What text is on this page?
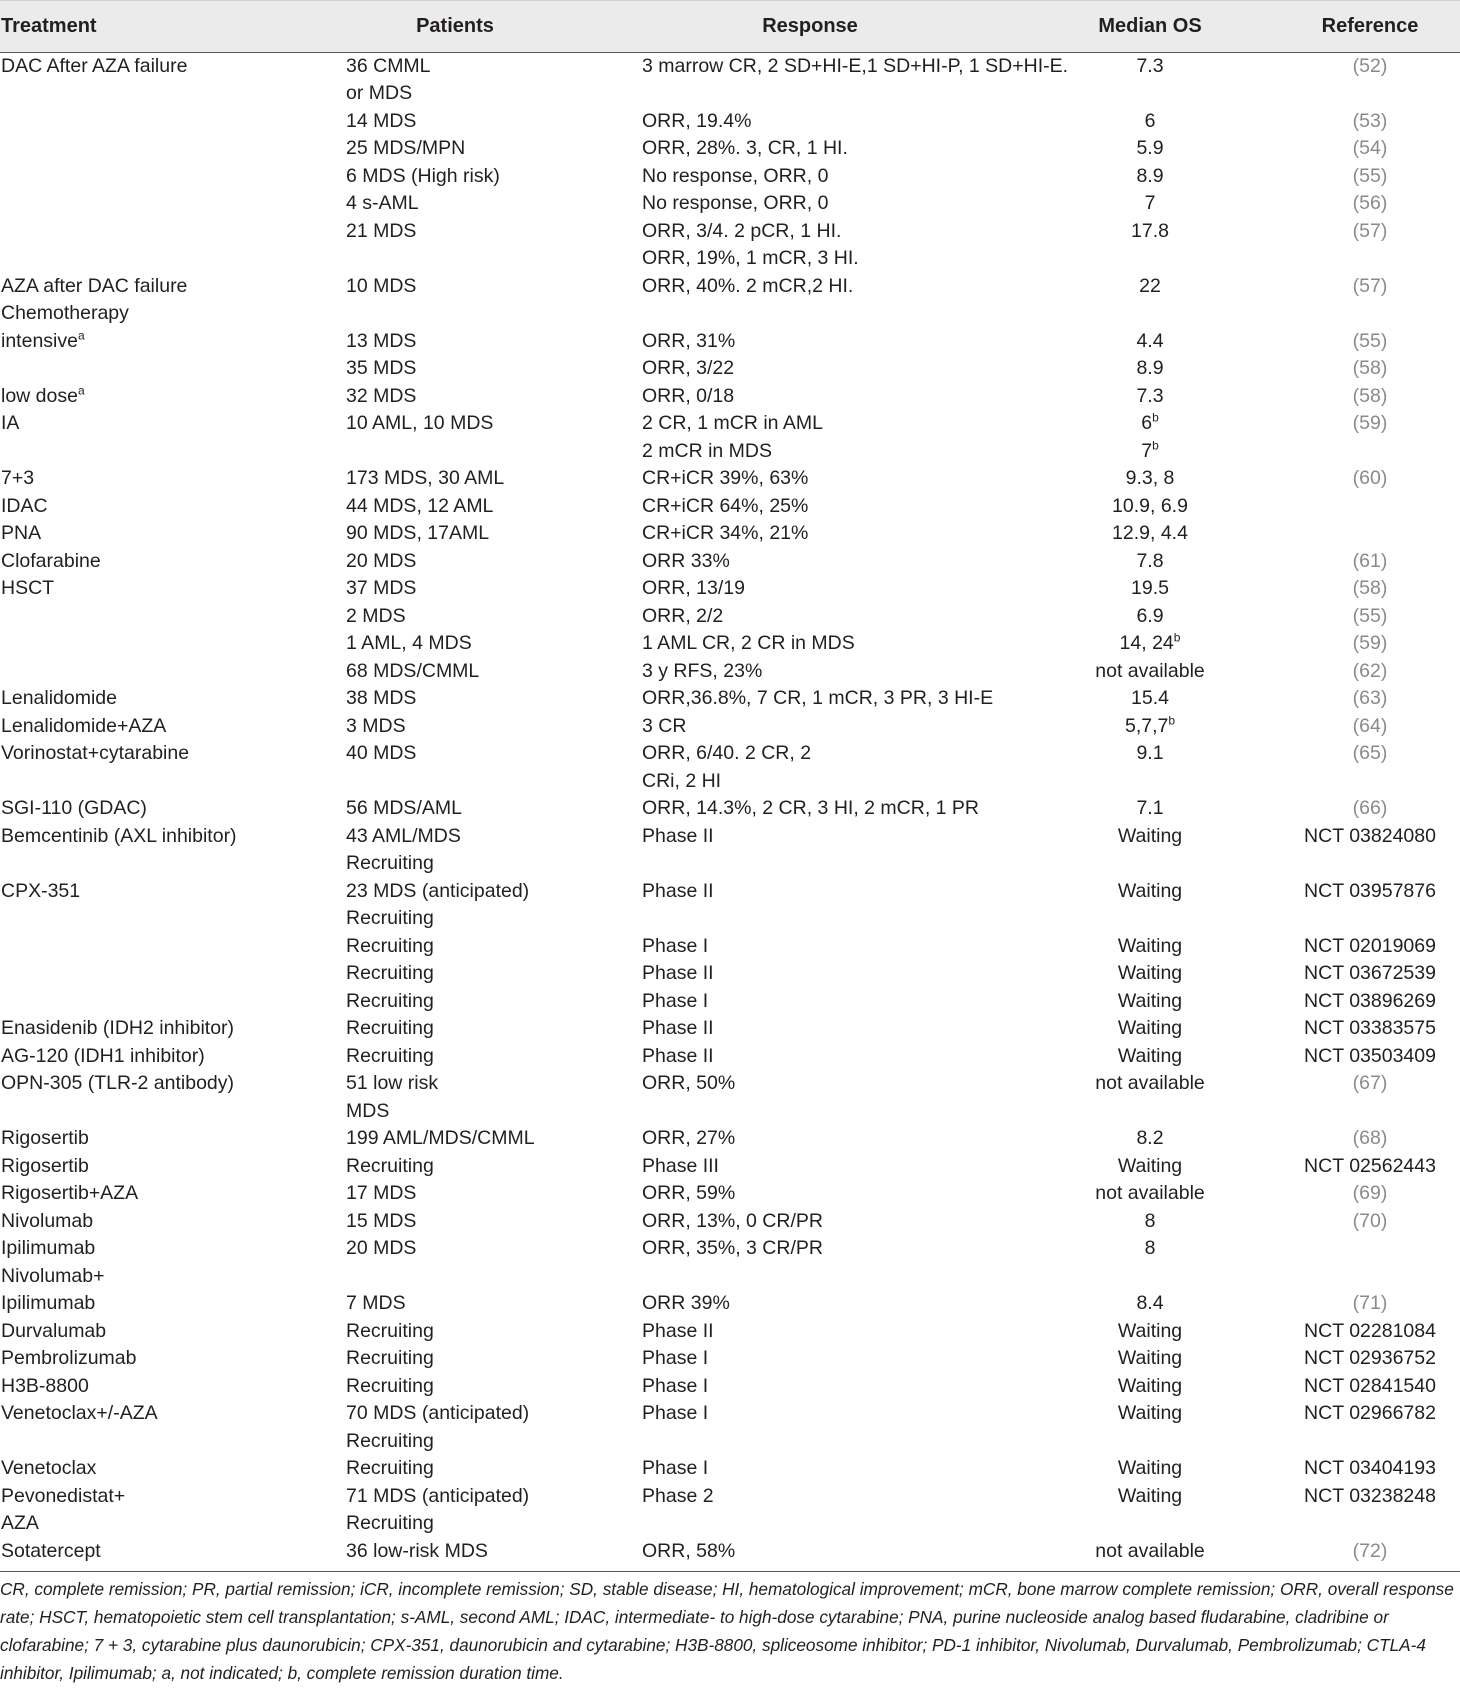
Treatment	Patients	Response	Median OS	Reference
DAC After AZA failure	36 CMML	3 marrow CR, 2 SD+HI-E,1 SD+HI-P, 1 SD+HI-E.	7.3	(52)
	or MDS			
	14 MDS	ORR, 19.4%	6	(53)
	25 MDS/MPN	ORR, 28%. 3, CR, 1 HI.	5.9	(54)
	6 MDS (High risk)	No response, ORR, 0	8.9	(55)
	4 s-AML	No response, ORR, 0	7	(56)
	21 MDS	ORR, 3/4. 2 pCR, 1 HI.	17.8	(57)
		ORR, 19%, 1 mCR, 3 HI.		
AZA after DAC failure	10 MDS	ORR, 40%. 2 mCR,2 HI.	22	(57)
Chemotherapy				
intensive$^a$	13 MDS	ORR, 31%	4.4	(55)
	35 MDS	ORR, 3/22	8.9	(58)
low dose$^a$	32 MDS	ORR, 0/18	7.3	(58)
IA	10 AML, 10 MDS	2 CR, 1 mCR in AML	6$^b$	(59)
		2 mCR in MDS	7$^b$	
7+3	173 MDS, 30 AML	CR+iCR 39%, 63%	9.3, 8	(60)
IDAC	44 MDS, 12 AML	CR+iCR 64%, 25%	10.9, 6.9	
PNA	90 MDS, 17AML	CR+iCR 34%, 21%	12.9, 4.4	
Clofarabine	20 MDS	ORR 33%	7.8	(61)
HSCT	37 MDS	ORR, 13/19	19.5	(58)
	2 MDS	ORR, 2/2	6.9	(55)
	1 AML, 4 MDS	1 AML CR, 2 CR in MDS	14, 24$^b$	(59)
	68 MDS/CMML	3 y RFS, 23%	not available	(62)
Lenalidomide	38 MDS	ORR,36.8%, 7 CR, 1 mCR, 3 PR, 3 HI-E	15.4	(63)
Lenalidomide+AZA	3 MDS	3 CR	5,7,7$^b$	(64)
Vorinostat+cytarabine	40 MDS	ORR, 6/40. 2 CR, 2	9.1	(65)
		CRi, 2 HI		
SGI-110 (GDAC)	56 MDS/AML	ORR, 14.3%, 2 CR, 3 HI, 2 mCR, 1 PR	7.1	(66)
Bemcentinib (AXL inhibitor)	43 AML/MDS	Phase II	Waiting	NCT 03824080
	Recruiting			
CPX-351	23 MDS (anticipated)	Phase II	Waiting	NCT 03957876
	Recruiting			
	Recruiting	Phase I	Waiting	NCT 02019069
	Recruiting	Phase II	Waiting	NCT 03672539
	Recruiting	Phase I	Waiting	NCT 03896269
Enasidenib (IDH2 inhibitor)	Recruiting	Phase II	Waiting	NCT 03383575
AG-120 (IDH1 inhibitor)	Recruiting	Phase II	Waiting	NCT 03503409
OPN-305 (TLR-2 antibody)	51 low risk	ORR, 50%	not available	(67)
	MDS			
Rigosertib	199 AML/MDS/CMML	ORR, 27%	8.2	(68)
Rigosertib	Recruiting	Phase III	Waiting	NCT 02562443
Rigosertib+AZA	17 MDS	ORR, 59%	not available	(69)
Nivolumab	15 MDS	ORR, 13%, 0 CR/PR	8	(70)
Ipilimumab	20 MDS	ORR, 35%, 3 CR/PR	8	
Nivolumab+				
Ipilimumab	7 MDS	ORR 39%	8.4	(71)
Durvalumab	Recruiting	Phase II	Waiting	NCT 02281084
Pembrolizumab	Recruiting	Phase I	Waiting	NCT 02936752
H3B-8800	Recruiting	Phase I	Waiting	NCT 02841540
Venetoclax+/-AZA	70 MDS (anticipated)	Phase I	Waiting	NCT 02966782
	Recruiting			
Venetoclax	Recruiting	Phase I	Waiting	NCT 03404193
Pevonedistat+	71 MDS (anticipated)	Phase 2	Waiting	NCT 03238248
AZA	Recruiting			
Sotatercept	36 low-risk MDS	ORR, 58%	not available	(72)
CR, complete remission; PR, partial remission; iCR, incomplete remission; SD, stable disease; HI, hematological improvement; mCR, bone marrow complete remission; ORR, overall response rate; HSCT, hematopoietic stem cell transplantation; s-AML, second AML; IDAC, intermediate- to high-dose cytarabine; PNA, purine nucleoside analog based fludarabine, cladribine or clofarabine; 7 + 3, cytarabine plus daunorubicin; CPX-351, daunorubicin and cytarabine; H3B-8800, spliceosome inhibitor; PD-1 inhibitor, Nivolumab, Durvalumab, Pembrolizumab; CTLA-4 inhibitor, Ipilimumab; a, not indicated; b, complete remission duration time.
